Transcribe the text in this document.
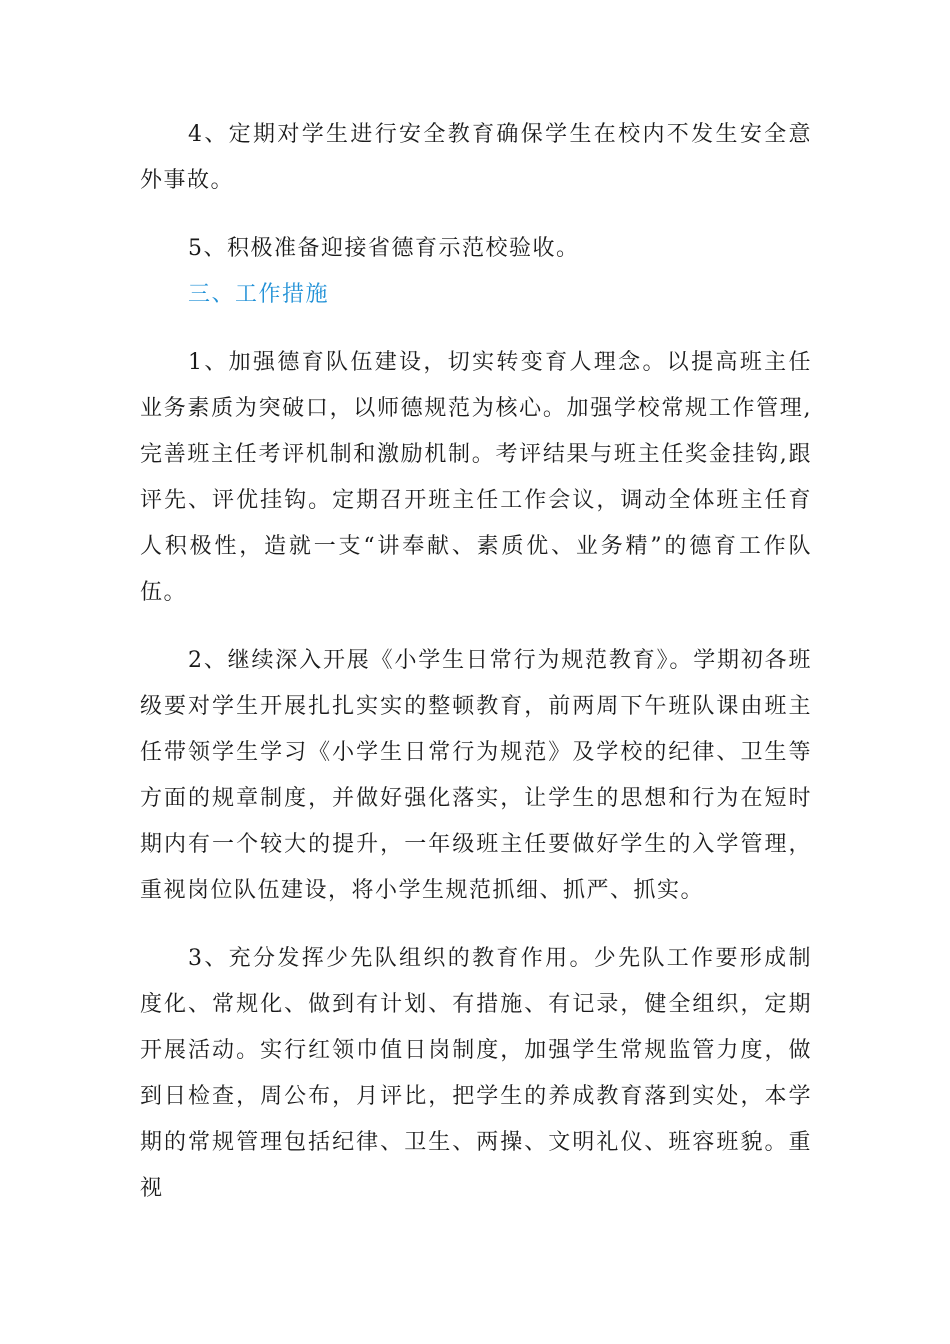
4、定期对学生进行安全教育确保学生在校内不发生安全意外事故。

5、积极准备迎接省德育示范校验收。

三、工作措施

1、加强德育队伍建设，切实转变育人理念。以提高班主任业务素质为突破口，以师德规范为核心。加强学校常规工作管理,完善班主任考评机制和激励机制。考评结果与班主任奖金挂钩,跟评先、评优挂钩。定期召开班主任工作会议，调动全体班主任育人积极性，造就一支“讲奉献、素质优、业务精”的德育工作队伍。

2、继续深入开展《小学生日常行为规范教育》。学期初各班级要对学生开展扎扎实实的整顿教育，前两周下午班队课由班主任带领学生学习《小学生日常行为规范》及学校的纪律、卫生等方面的规章制度，并做好强化落实，让学生的思想和行为在短时期内有一个较大的提升，一年级班主任要做好学生的入学管理，重视岗位队伍建设，将小学生规范抓细、抓严、抓实。

3、充分发挥少先队组织的教育作用。少先队工作要形成制度化、常规化、做到有计划、有措施、有记录，健全组织，定期开展活动。实行红领巾值日岗制度，加强学生常规监管力度，做到日检查，周公布，月评比，把学生的养成教育落到实处，本学期的常规管理包括纪律、卫生、两操、文明礼仪、班容班貌。重视
